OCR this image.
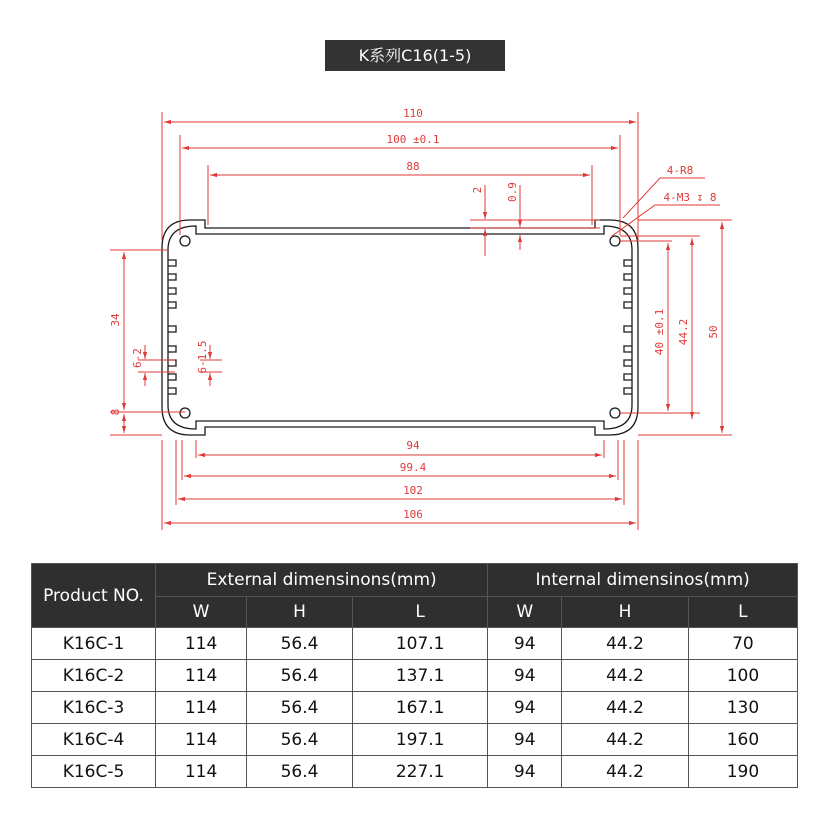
K系列C16(1-5)
110
100 ±0.1
88
2 0.9
4-R8
4-M3 ↧ 8
34
6-2	6-1.5
8
40 ±0.1 44.2 50
94
99.4
102
106
Product NO.	External dimensinons(mm)			Internal dimensinos(mm)		
	W	H	L	W	H	L
K16C-1	114	56.4	107.1	94	44.2	70
K16C-2	114	56.4	137.1	94	44.2	100
K16C-3	114	56.4	167.1	94	44.2	130
K16C-4	114	56.4	197.1	94	44.2	160
K16C-5	114	56.4	227.1	94	44.2	190
